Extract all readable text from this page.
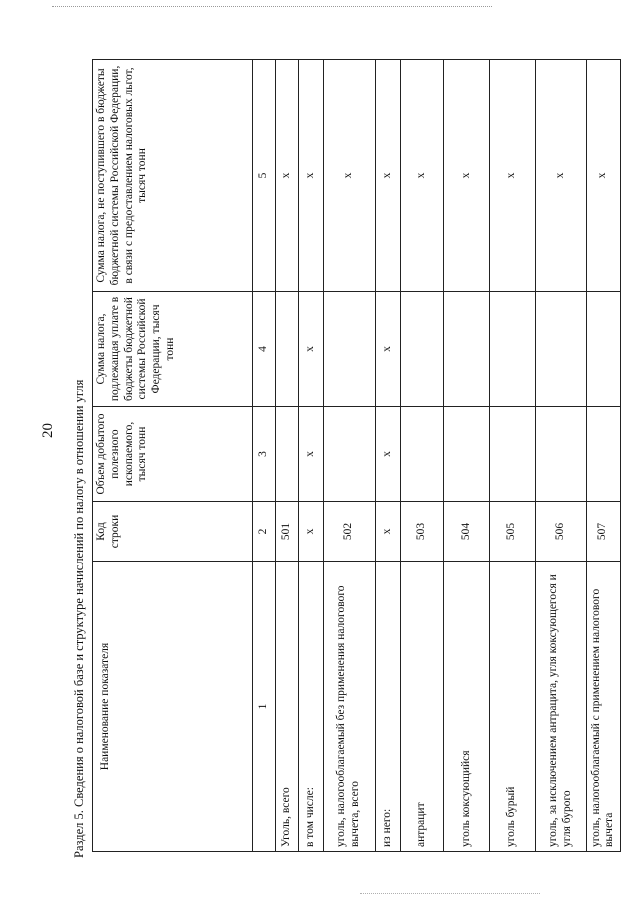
20 Раздел 5. Сведения о налоговой базе и структуре начислений по налогу в отношении угля Наименование показателя	Код строки	Объем добытого полезного ископаемого, тысяч тонн	Сумма налога, подлежащая уплате в бюджеты бюджетной системы Российской Федерации, тысяч тонн	Сумма налога, не поступившего в бюджеты бюджетной системы Российской Федерации, в связи с предоставлением налоговых льгот, тысяч тонн
1	2	3	4	5
Уголь, всего	501			x
в том числе:	x	x	x	x
уголь, налогооблагаемый без применения налогового вычета, всего	502			x
из него:	x	x	x	x
антрацит	503			x
уголь коксующийся	504			x
уголь бурый	505			x
уголь, за исключением антрацита, угля коксующегося и угля бурого	506			x
уголь, налогооблагаемый с применением налогового вычета	507			x
